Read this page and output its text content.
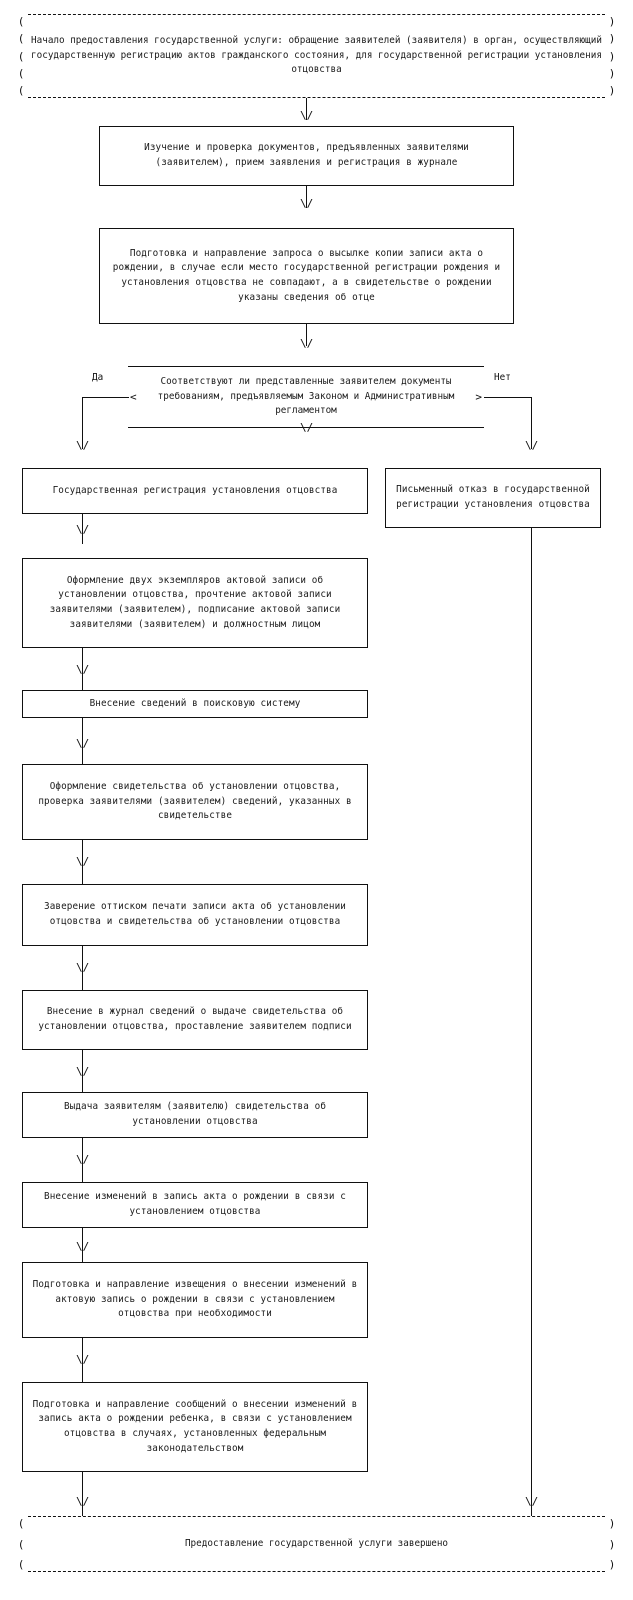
(
(
(
(
(
)
)
)
)
)
Начало предоставления государственной услуги: обращение заявителей (заявителя) в орган, осуществляющий государственную регистрацию актов гражданского состояния, для государственной регистрации установления отцовства
\/
Изучение и проверка документов, предъявленных заявителями (заявителем), прием заявления и регистрация в журнале
\/
Подготовка и направление запроса о высылке копии записи акта о рождении, в случае если место государственной регистрации рождения и установления отцовства не совпадают, а в свидетельстве о рождении указаны сведения об отце
\/
<	>
Соответствуют ли представленные заявителем документы требованиям, предъявляемым Законом и Административным регламентом
\/
Да
\/
Нет
\/
Государственная регистрация установления отцовства	Письменный отказ в государственной регистрации установления отцовства
\/
Оформление двух экземпляров актовой записи об установлении отцовства, прочтение актовой записи заявителями (заявителем), подписание актовой записи заявителями (заявителем) и должностным лицом
\/
Внесение сведений в поисковую систему
\/
Оформление свидетельства об установлении отцовства, проверка заявителями (заявителем) сведений, указанных в свидетельстве
\/
Заверение оттиском печати записи акта об установлении отцовства и свидетельства об установлении отцовства
\/
Внесение в журнал сведений о выдаче свидетельства об установлении отцовства, проставление заявителем подписи
\/
Выдача заявителям (заявителю) свидетельства об установлении отцовства
\/
Внесение изменений в запись акта о рождении в связи с установлением отцовства
\/
Подготовка и направление извещения о внесении изменений в актовую запись о рождении в связи с установлением отцовства при необходимости
\/
Подготовка и направление сообщений о внесении изменений в запись акта о рождении ребенка, в связи с установлением отцовства в случаях, установленных федеральным законодательством
\/	\/
(
(
(
)
)
)
Предоставление государственной услуги завершено
